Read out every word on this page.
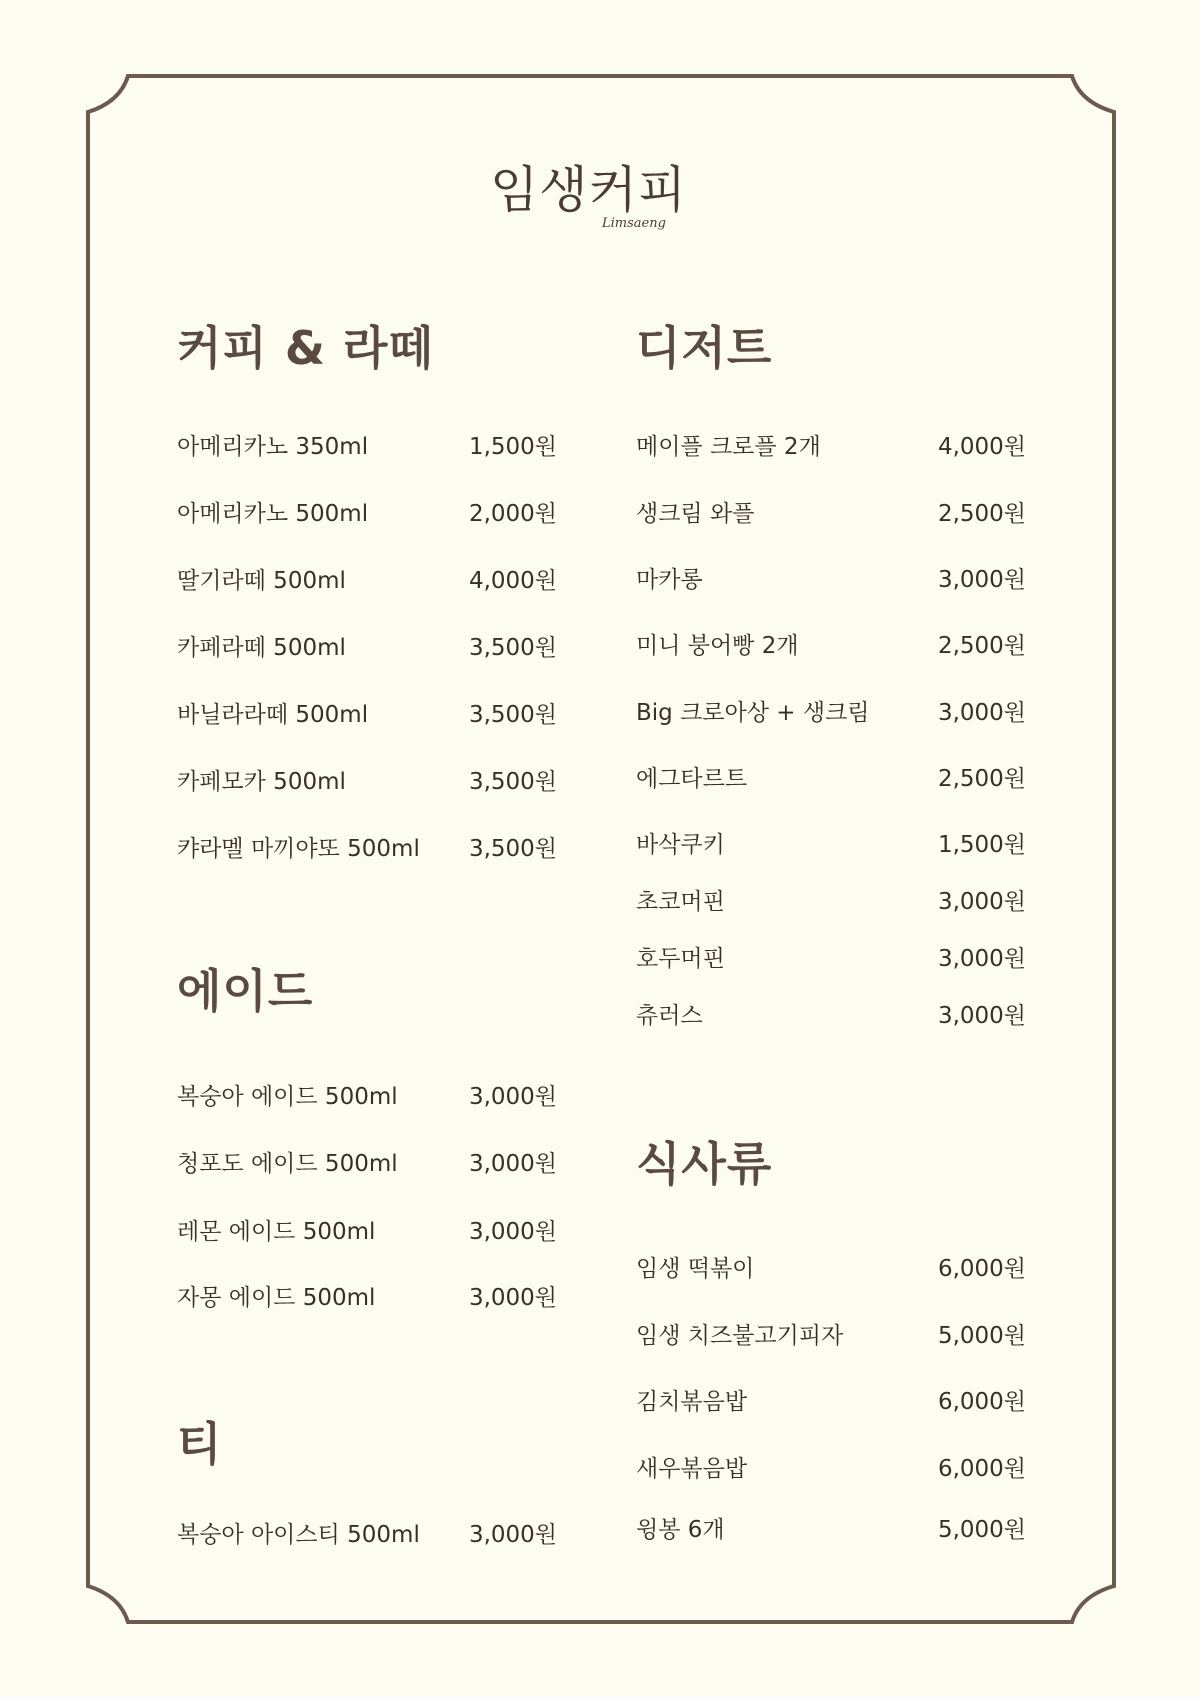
임생커피
Limsaeng
커피 & 라떼
에이드
티
디저트
식사류
아메리카노 350ml	1,500원
아메리카노 500ml	2,000원
딸기라떼 500ml	4,000원
카페라떼 500ml	3,500원
바닐라라떼 500ml	3,500원
카페모카 500ml	3,500원
캬라멜 마끼야또 500ml 3,500원
복숭아 에이드 500ml	3,000원
청포도 에이드 500ml	3,000원
레몬 에이드 500ml	3,000원
자몽 에이드 500ml	3,000원
복숭아 아이스티 500ml 3,000원
메이플 크로플 2개	4,000원
생크림 와플	2,500원
마카롱	3,000원
미니 붕어빵 2개	2,500원
Big 크로아상 + 생크림	3,000원
에그타르트	2,500원
바삭쿠키	1,500원
초코머핀	3,000원
호두머핀	3,000원
츄러스	3,000원
임생 떡볶이	6,000원
임생 치즈불고기피자	5,000원
김치볶음밥	6,000원
새우볶음밥	6,000원
윙봉 6개	5,000원
